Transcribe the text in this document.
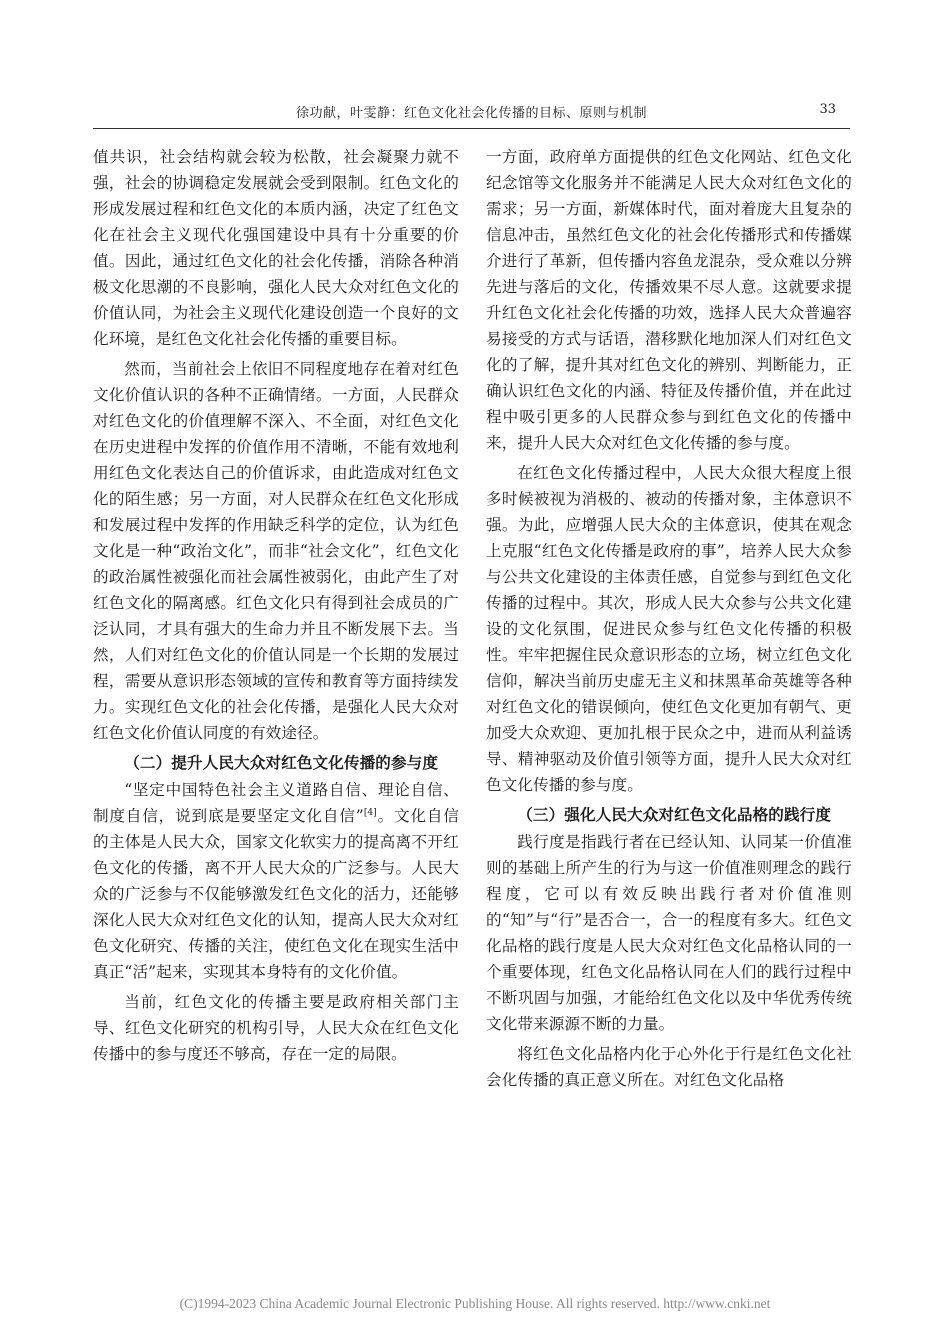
徐功献，叶雯静：红色文化社会化传播的目标、原则与机制	33

值共识，社会结构就会较为松散，社会凝聚力就不强，社会的协调稳定发展就会受到限制。红色文化的形成发展过程和红色文化的本质内涵，决定了红色文化在社会主义现代化强国建设中具有十分重要的价值。因此，通过红色文化的社会化传播，消除各种消极文化思潮的不良影响，强化人民大众对红色文化的价值认同，为社会主义现代化建设创造一个良好的文化环境，是红色文化社会化传播的重要目标。

然而，当前社会上依旧不同程度地存在着对红色文化价值认识的各种不正确情绪。一方面，人民群众对红色文化的价值理解不深入、不全面，对红色文化在历史进程中发挥的价值作用不清晰，不能有效地利用红色文化表达自己的价值诉求，由此造成对红色文化的陌生感；另一方面，对人民群众在红色文化形成和发展过程中发挥的作用缺乏科学的定位，认为红色文化是一种“政治文化”，而非“社会文化”，红色文化的政治属性被强化而社会属性被弱化，由此产生了对红色文化的隔离感。红色文化只有得到社会成员的广泛认同，才具有强大的生命力并且不断发展下去。当然，人们对红色文化的价值认同是一个长期的发展过程，需要从意识形态领域的宣传和教育等方面持续发力。实现红色文化的社会化传播，是强化人民大众对红色文化价值认同度的有效途径。

（二）提升人民大众对红色文化传播的参与度

“坚定中国特色社会主义道路自信、理论自信、制度自信，说到底是要坚定文化自信”[4]。文化自信的主体是人民大众，国家文化软实力的提高离不开红色文化的传播，离不开人民大众的广泛参与。人民大众的广泛参与不仅能够激发红色文化的活力，还能够深化人民大众对红色文化的认知，提高人民大众对红色文化研究、传播的关注，使红色文化在现实生活中真正“活”起来，实现其本身特有的文化价值。

当前，红色文化的传播主要是政府相关部门主导、红色文化研究的机构引导，人民大众在红色文化传播中的参与度还不够高，存在一定的局限。

一方面，政府单方面提供的红色文化网站、红色文化纪念馆等文化服务并不能满足人民大众对红色文化的需求；另一方面，新媒体时代，面对着庞大且复杂的信息冲击，虽然红色文化的社会化传播形式和传播媒介进行了革新，但传播内容鱼龙混杂，受众难以分辨先进与落后的文化，传播效果不尽人意。这就要求提升红色文化社会化传播的功效，选择人民大众普遍容易接受的方式与话语，潜移默化地加深人们对红色文化的了解，提升其对红色文化的辨别、判断能力，正确认识红色文化的内涵、特征及传播价值，并在此过程中吸引更多的人民群众参与到红色文化的传播中来，提升人民大众对红色文化传播的参与度。

在红色文化传播过程中，人民大众很大程度上很多时候被视为消极的、被动的传播对象，主体意识不强。为此，应增强人民大众的主体意识，使其在观念上克服“红色文化传播是政府的事”，培养人民大众参与公共文化建设的主体责任感，自觉参与到红色文化传播的过程中。其次，形成人民大众参与公共文化建设的文化氛围，促进民众参与红色文化传播的积极性。牢牢把握住民众意识形态的立场，树立红色文化信仰，解决当前历史虚无主义和抹黑革命英雄等各种对红色文化的错误倾向，使红色文化更加有朝气、更加受大众欢迎、更加扎根于民众之中，进而从利益诱导、精神驱动及价值引领等方面，提升人民大众对红色文化传播的参与度。

（三）强化人民大众对红色文化品格的践行度

践行度是指践行者在已经认知、认同某一价值准则的基础上所产生的行为与这一价值准则理念的践行程度，它可以有效反映出践行者对价值准则的“知”与“行”是否合一，合一的程度有多大。红色文化品格的践行度是人民大众对红色文化品格认同的一个重要体现，红色文化品格认同在人们的践行过程中不断巩固与加强，才能给红色文化以及中华优秀传统文化带来源源不断的力量。

将红色文化品格内化于心外化于行是红色文化社会化传播的真正意义所在。对红色文化品格

(C)1994-2023 China Academic Journal Electronic Publishing House. All rights reserved. http://www.cnki.net
